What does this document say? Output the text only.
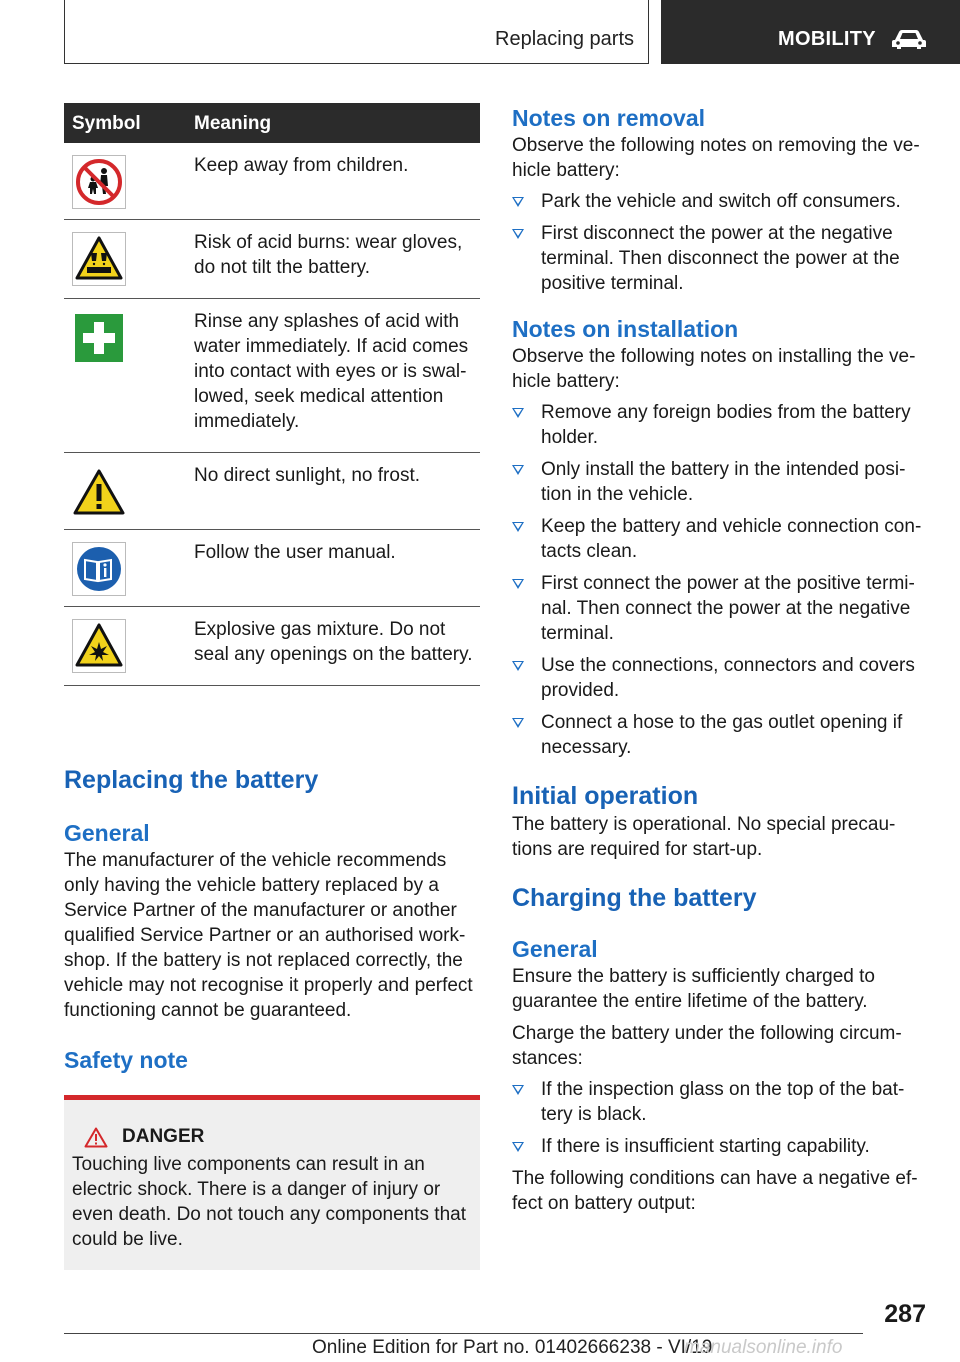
Replacing parts	MOBILITY
Symbol	Meaning

	Keep away from children.

	Risk of acid burns: wear gloves, do not tilt the battery.

	Rinse any splashes of acid with water immediately. If acid comes into contact with eyes or is swallowed, seek medical attention immediately.

	No direct sunlight, no frost.

	Follow the user manual.

	Explosive gas mixture. Do not seal any openings on the battery.
Replacing the battery
General

The manufacturer of the vehicle recommends only having the vehicle battery replaced by a Service Partner of the manufacturer or another qualified Service Partner or an authorised workshop. If the battery is not replaced correctly, the vehicle may not recognise it properly and perfect functioning cannot be guaranteed.

Safety note
DANGER

Touching live components can result in an electric shock. There is a danger of injury or even death. Do not touch any components that could be live.

Notes on removal

Observe the following notes on removing the vehicle battery:

Park the vehicle and switch off consumers.
First disconnect the power at the negative terminal. Then disconnect the power at the positive terminal.
Notes on installation

Observe the following notes on installing the vehicle battery:

Remove any foreign bodies from the battery holder.
Only install the battery in the intended position in the vehicle.
Keep the battery and vehicle connection contacts clean.
First connect the power at the positive terminal. Then connect the power at the negative terminal.
Use the connections, connectors and covers provided.
Connect a hose to the gas outlet opening if necessary.
Initial operation

The battery is operational. No special precautions are required for start-up.

Charging the battery
General

Ensure the battery is sufficiently charged to guarantee the entire lifetime of the battery.

Charge the battery under the following circumstances:

If the inspection glass on the top of the battery is black.
If there is insufficient starting capability.

The following conditions can have a negative effect on battery output:

287
Online Edition for Part no. 01402666238 - VI/19
manualsonline.info
